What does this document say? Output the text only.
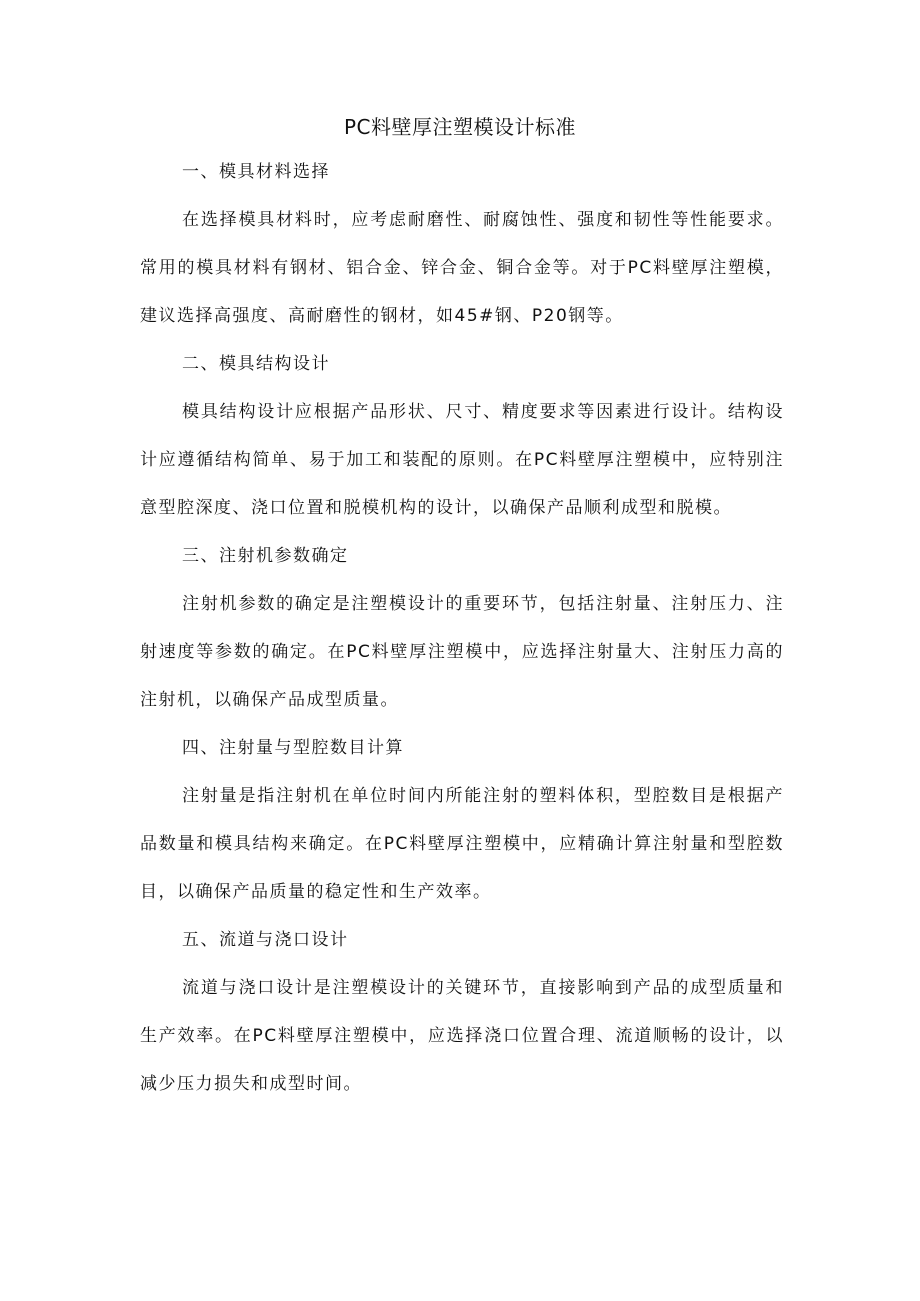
PC料壁厚注塑模设计标准
一、模具材料选择

在选择模具材料时，应考虑耐磨性、耐腐蚀性、强度和韧性等性能要求。常用的模具材料有钢材、铝合金、锌合金、铜合金等。对于PC料壁厚注塑模，建议选择高强度、高耐磨性的钢材，如45#钢、P20钢等。

二、模具结构设计

模具结构设计应根据产品形状、尺寸、精度要求等因素进行设计。结构设计应遵循结构简单、易于加工和装配的原则。在PC料壁厚注塑模中，应特别注意型腔深度、浇口位置和脱模机构的设计，以确保产品顺利成型和脱模。

三、注射机参数确定

注射机参数的确定是注塑模设计的重要环节，包括注射量、注射压力、注射速度等参数的确定。在PC料壁厚注塑模中，应选择注射量大、注射压力高的注射机，以确保产品成型质量。

四、注射量与型腔数目计算

注射量是指注射机在单位时间内所能注射的塑料体积，型腔数目是根据产品数量和模具结构来确定。在PC料壁厚注塑模中，应精确计算注射量和型腔数目，以确保产品质量的稳定性和生产效率。

五、流道与浇口设计

流道与浇口设计是注塑模设计的关键环节，直接影响到产品的成型质量和生产效率。在PC料壁厚注塑模中，应选择浇口位置合理、流道顺畅的设计，以减少压力损失和成型时间。
